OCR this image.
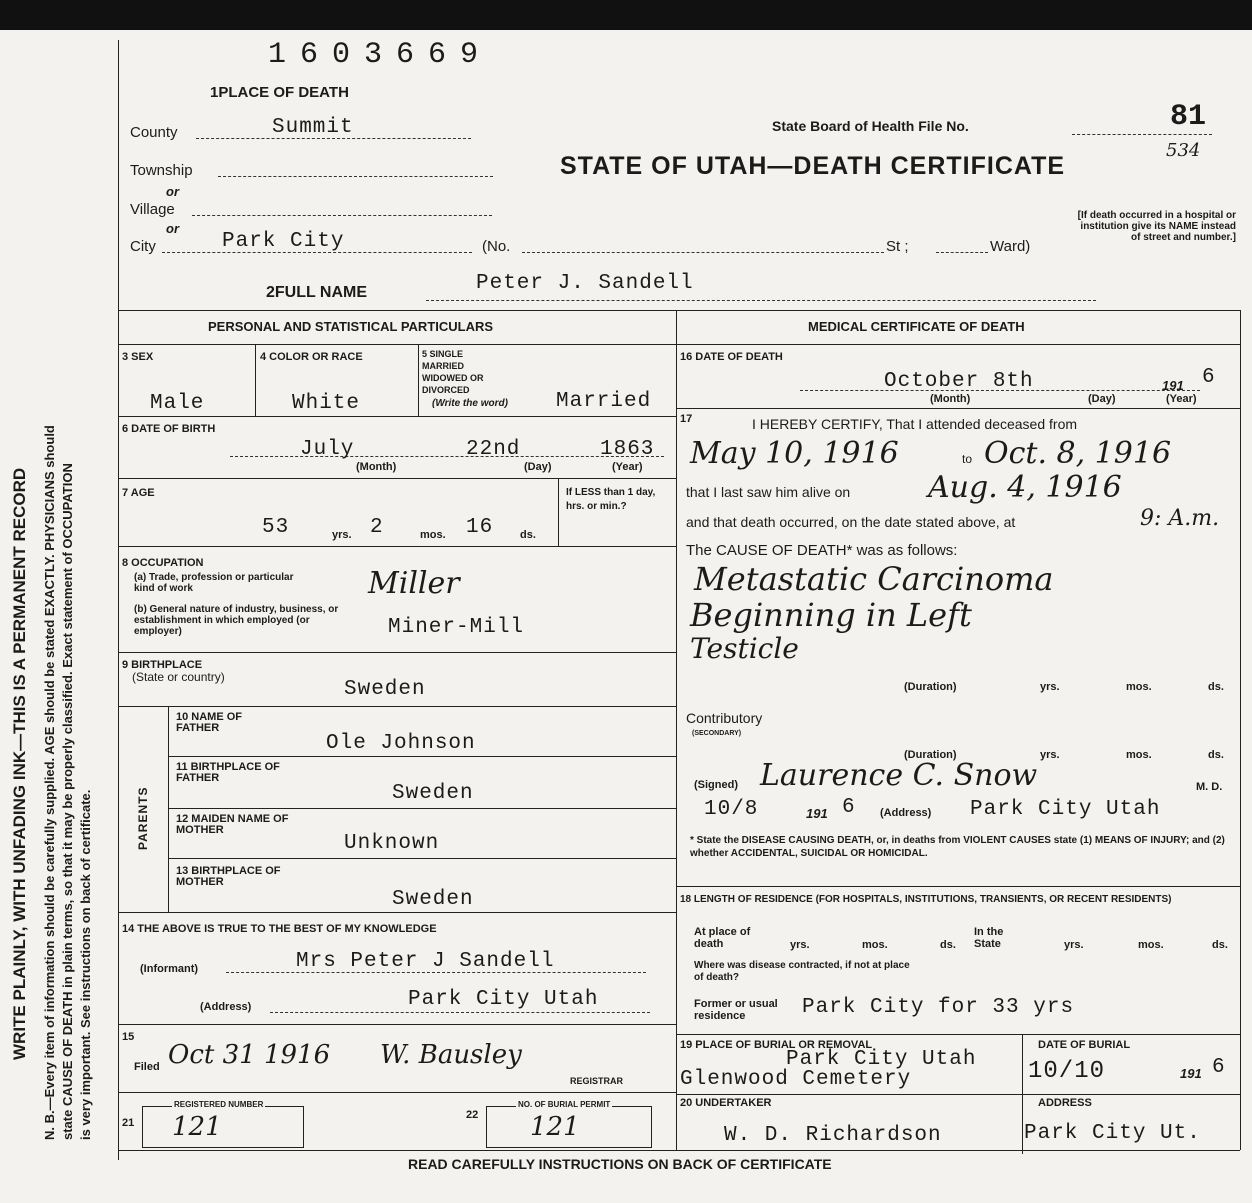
WRITE PLAINLY, WITH UNFADING INK—THIS IS A PERMANENT RECORD N. B.—Every item of information should be carefully supplied. AGE should be stated EXACTLY. PHYSICIANS should state CAUSE OF DEATH in plain terms, so that it may be properly classified. Exact statement of OCCUPATION is very important. See instructions on back of certificate.
1603669
1PLACE OF DEATH
State Board of Health File No.	81
534
STATE OF UTAH—DEATH CERTIFICATE
[If death occurred in a hospital or institution give its NAME instead of street and number.]
County	Summit
Township
or
Village
or
City	Park City	(No.	St ;	Ward)
2FULL NAME	Peter J. Sandell
PERSONAL AND STATISTICAL PARTICULARS
3 SEX
Male
4 COLOR OR RACE
White
5 SINGLE MARRIED WIDOWED OR DIVORCED
(Write the word) Married
6 DATE OF BIRTH
July	22nd	1863
(Month)	(Day)	(Year)
7 AGE
53	yrs. 2	mos. 16 ds.
If LESS than 1 day, hrs. or min.?
8 OCCUPATION
(a) Trade, profession or particular kind of work	Miller
(b) General nature of industry, business, or establishment in which employed (or employer)	Miner-Mill
9 BIRTHPLACE
(State or country)
Sweden
PARENTS
10 NAME OF FATHER
Ole Johnson
11 BIRTHPLACE OF FATHER
Sweden
12 MAIDEN NAME OF MOTHER
Unknown
13 BIRTHPLACE OF MOTHER
Sweden
14 THE ABOVE IS TRUE TO THE BEST OF MY KNOWLEDGE
(Informant)	Mrs Peter J Sandell
(Address)	Park City Utah
15
Filed Oct 31 1916 W. Bausley
REGISTRAR
21
REGISTERED NUMBER
121	22
NO. OF BURIAL PERMIT
121
MEDICAL CERTIFICATE OF DEATH
16 DATE OF DEATH
October 8th	191 6
(Month)	(Day)	(Year)
17	I HEREBY CERTIFY, That I attended deceased from
May 10, 1916	to Oct. 8, 1916
that I last saw him alive on	Aug. 4, 1916
and that death occurred, on the date stated above, at	9: A.m.
The CAUSE OF DEATH* was as follows:
Metastatic Carcinoma
Beginning in Left
Testicle
(Duration)	yrs.	mos.	ds.
Contributory
(SECONDARY)
(Duration)	yrs.	mos.	ds.
(Signed) Laurence C. Snow	M. D.
10/8	191 6 (Address) Park City Utah
* State the DISEASE CAUSING DEATH, or, in deaths from VIOLENT CAUSES state (1) MEANS OF INJURY; and (2) whether ACCIDENTAL, SUICIDAL OR HOMICIDAL.
18 LENGTH OF RESIDENCE (FOR HOSPITALS, INSTITUTIONS, TRANSIENTS, OR RECENT RESIDENTS)
At place of death	yrs.	mos.	ds.
In the State	yrs.	mos.	ds.
Where was disease contracted, if not at place of death?
Former or usual residence	Park City for 33 yrs
19 PLACE OF BURIAL OR REMOVAL
Park City Utah
Glenwood Cemetery
DATE OF BURIAL
10/10	191 6
20 UNDERTAKER
W. D. Richardson
ADDRESS
Park City Ut.
READ CAREFULLY INSTRUCTIONS ON BACK OF CERTIFICATE
